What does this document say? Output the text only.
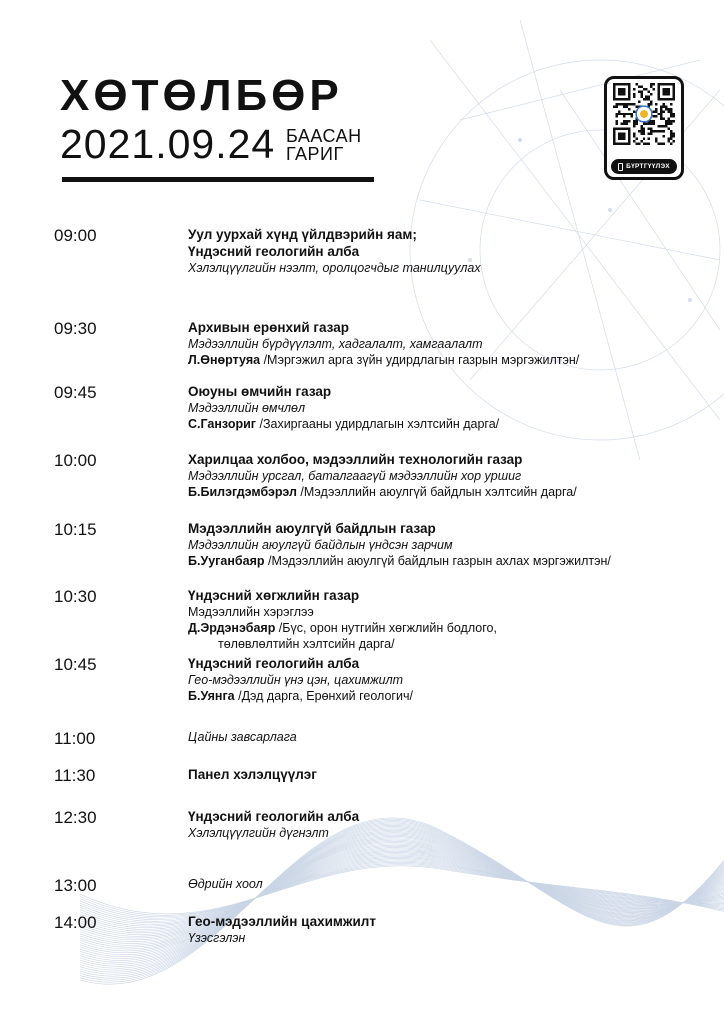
ХӨТӨЛБӨР
2021.09.24 БААСАН
ГАРИГ
БҮРТГҮҮЛЭХ
09:00	Уул уурхай хүнд үйлдвэрийн яам;
Үндэсний геологийн алба
Хэлэлцүүлгийн нээлт, оролцогчдыг танилцуулах
09:30	Архивын ерөнхий газар
Мэдээллийн бүрдүүлэлт, хадгалалт, хамгаалалт
Л.Өнөртуяа /Мэргэжил арга зүйн удирдлагын газрын мэргэжилтэн/
09:45	Оюуны өмчийн газар
Мэдээллийн өмчлөл
С.Ганзориг /Захиргааны удирдлагын хэлтсийн дарга/
10:00	Харилцаа холбоо, мэдээллийн технологийн газар
Мэдээллийн урсгал, баталгаагүй мэдээллийн хор уршиг
Б.Билэгдэмбэрэл /Мэдээллийн аюулгүй байдлын хэлтсийн дарга/
10:15	Мэдээллийн аюулгүй байдлын газар
Мэдээллийн аюулгүй байдлын үндсэн зарчим
Б.Ууганбаяр /Мэдээллийн аюулгүй байдлын газрын ахлах мэргэжилтэн/
10:30	Үндэсний хөгжлийн газар
Мэдээллийн хэрэглээ
Д.Эрдэнэбаяр /Бүс, орон нутгийн хөгжлийн бодлого,
төлөвлөлтийн хэлтсийн дарга/
10:45	Үндэсний геологийн алба
Гео-мэдээллийн үнэ цэн, цахимжилт
Б.Уянга /Дэд дарга, Ерөнхий геологич/
11:00	Цайны завсарлага
11:30	Панел хэлэлцүүлэг
12:30	Үндэсний геологийн алба
Хэлэлцүүлгийн дүгнэлт
13:00	Өдрийн хоол
14:00	Гео-мэдээллийн цахимжилт
Үзэсгэлэн
